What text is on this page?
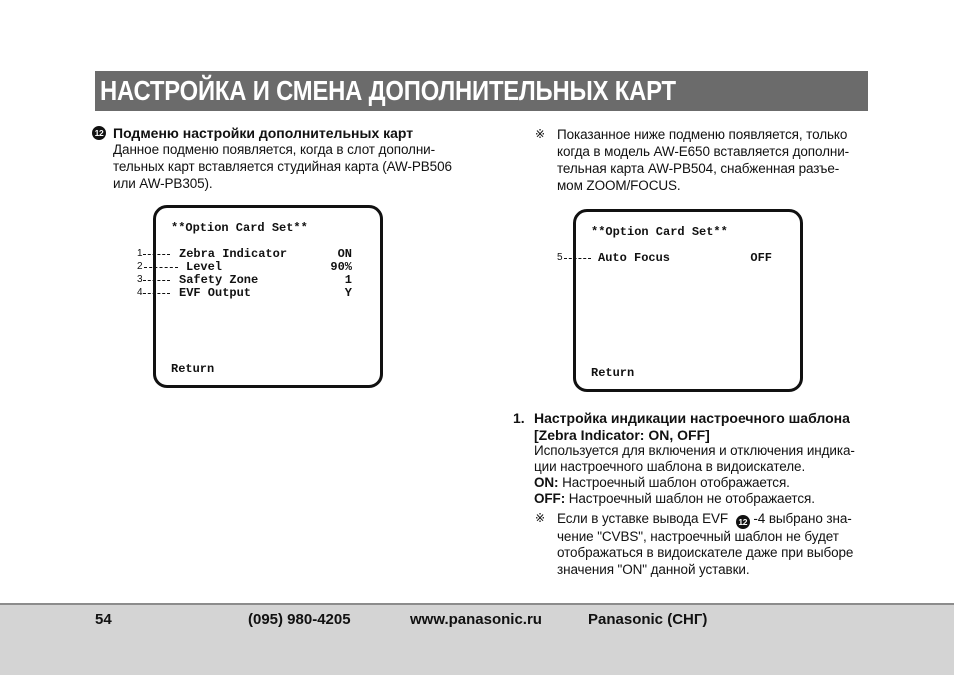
НАСТРОЙКА И СМЕНА ДОПОЛНИТЕЛЬНЫХ КАРТ
12 Подменю настройки дополнительных карт
Данное подменю появляется, когда в слот дополни-
тельных карт вставляется студийная карта (AW-PB506
или AW-PB305).
**Option Card Set**
Zebra Indicator	ON
Level	90%
Safety Zone	1
EVF Output	Y
Return
1
2
3
4
※ Показанное ниже подменю появляется, только
когда в модель AW-E650 вставляется дополни-
тельная карта AW-PB504, снабженная разъе-
мом ZOOM/FOCUS.
**Option Card Set**
Auto Focus	OFF
Return
5
1. Настройка индикации настроечного шаблона
[Zebra Indicator: ON, OFF]
Используется для включения и отключения индика-
ции настроечного шаблона в видоискателе.
ON: Настроечный шаблон отображается.
OFF: Настроечный шаблон не отображается.
※ Если в уставке вывода EVF 12 -4 выбрано зна-
чение "CVBS", настроечный шаблон не будет
отображаться в видоискателе даже при выборе
значения "ON" данной уставки.
54	(095) 980-4205	www.panasonic.ru	Panasonic (СНГ)
